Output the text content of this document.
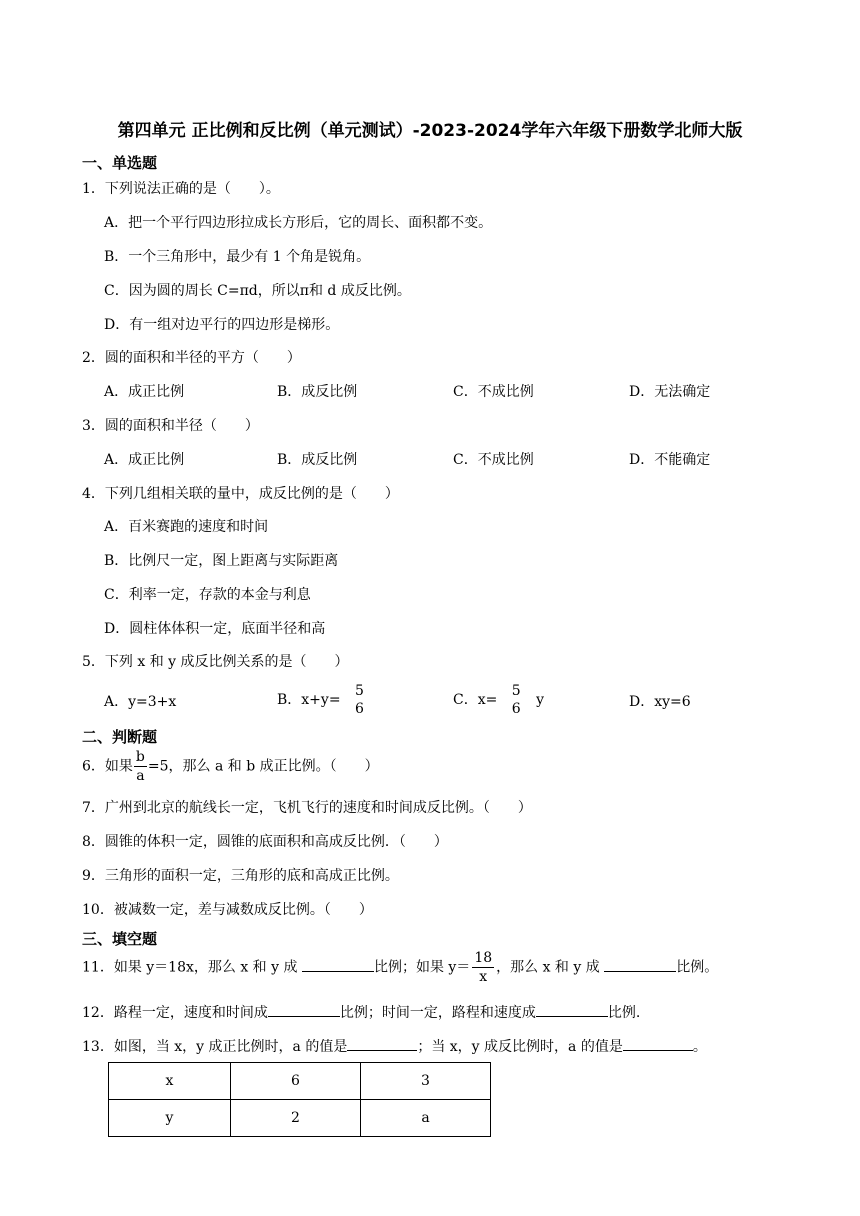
第四单元 正比例和反比例（单元测试）-2023-2024学年六年级下册数学北师大版
一、单选题
1．下列说法正确的是（　　）。
A．把一个平行四边形拉成长方形后，它的周长、面积都不变。
B．一个三角形中，最少有 1 个角是锐角。
C．因为圆的周长 C=πd，所以π和 d 成反比例。
D．有一组对边平行的四边形是梯形。
2．圆的面积和半径的平方（　　）
A．成正比例	B．成反比例	C．不成比例	D．无法确定
3．圆的面积和半径（　　）
A．成正比例	B．成反比例	C．不成比例	D．不能确定
4．下列几组相关联的量中，成反比例的是（　　）
A．百米赛跑的速度和时间
B．比例尺一定，图上距离与实际距离
C．利率一定，存款的本金与利息
D．圆柱体体积一定，底面半径和高
5．下列 x 和 y 成反比例关系的是（　　）
A．y=3+x	B．x+y=
5
6
C．x=
5
6
y	D．xy=6
二、判断题
6．如果 $\frac{b}{a} =5$，那么 a 和 b 成正比例。（　　）
7．广州到北京的航线长一定，飞机飞行的速度和时间成反比例。（　　）
8．圆锥的体积一定，圆锥的底面积和高成反比例．（　　）
9．三角形的面积一定，三角形的底和高成正比例。
10．被减数一定，差与减数成反比例。（　　）
三、填空题
11．如果 y＝18x，那么 x 和 y 成	比例；如果 $y= \frac{18}{x}$ ，那么 x 和 y 成	比例。
12．路程一定，速度和时间成	比例；时间一定，路程和速度成	比例.
13．如图，当 x，y 成正比例时，a 的值是	；当 x，y 成反比例时，a 的值是	。
x	6	3
y	2	a
